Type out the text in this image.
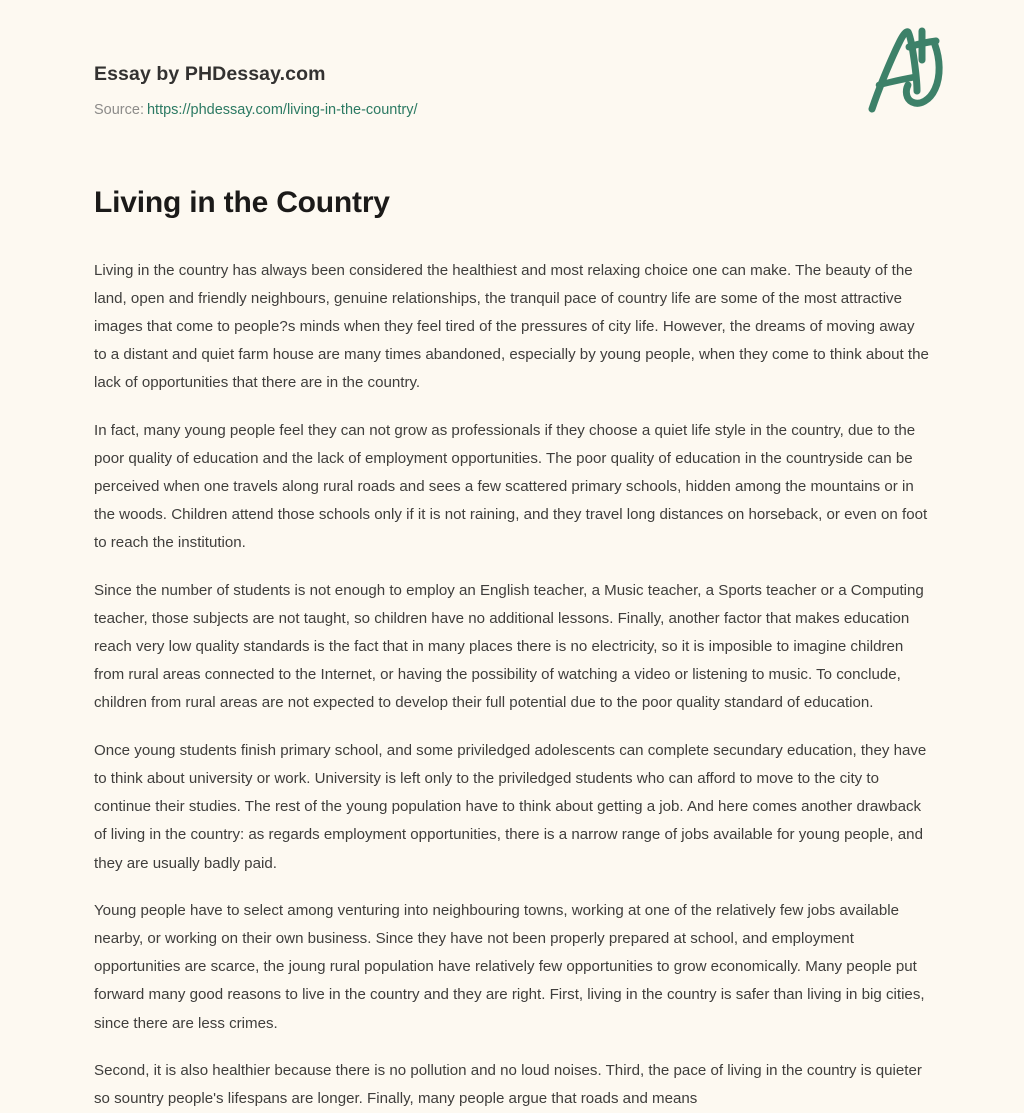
Essay by PHDessay.com
Source: https://phdessay.com/living-in-the-country/
Living in the Country

Living in the country has always been considered the healthiest and most relaxing choice one can make. The beauty of the land, open and friendly neighbours, genuine relationships, the tranquil pace of country life are some of the most attractive images that come to people?s minds when they feel tired of the pressures of city life. However, the dreams of moving away to a distant and quiet farm house are many times abandoned, especially by young people, when they come to think about the lack of opportunities that there are in the country.

In fact, many young people feel they can not grow as professionals if they choose a quiet life style in the country, due to the poor quality of education and the lack of employment opportunities. The poor quality of education in the countryside can be perceived when one travels along rural roads and sees a few scattered primary schools, hidden among the mountains or in the woods. Children attend those schools only if it is not raining, and they travel long distances on horseback, or even on foot to reach the institution.

Since the number of students is not enough to employ an English teacher, a Music teacher, a Sports teacher or a Computing teacher, those subjects are not taught, so children have no additional lessons. Finally, another factor that makes education reach very low quality standards is the fact that in many places there is no electricity, so it is imposible to imagine children from rural areas connected to the Internet, or having the possibility of watching a video or listening to music. To conclude, children from rural areas are not expected to develop their full potential due to the poor quality standard of education.

Once young students finish primary school, and some priviledged adolescents can complete secundary education, they have to think about university or work. University is left only to the priviledged students who can afford to move to the city to continue their studies. The rest of the young population have to think about getting a job. And here comes another drawback of living in the country: as regards employment opportunities, there is a narrow range of jobs available for young people, and they are usually badly paid.

Young people have to select among venturing into neighbouring towns, working at one of the relatively few jobs available nearby, or working on their own business. Since they have not been properly prepared at school, and employment opportunities are scarce, the joung rural population have relatively few opportunities to grow economically. Many people put forward many good reasons to live in the country and they are right. First, living in the country is safer than living in big cities, since there are less crimes.

Second, it is also healthier because there is no pollution and no loud noises. Third, the pace of living in the country is quieter so sountry people's lifespans are longer. Finally, many people argue that roads and means
